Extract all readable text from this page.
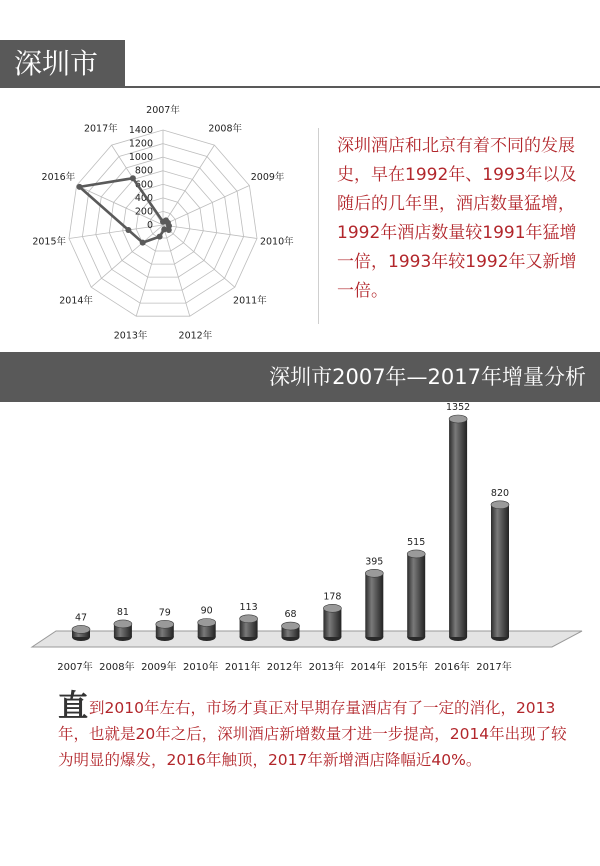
深圳市
0
200
400
600
800
1000
1200
1400
2007年
2008年
2009年
2010年
2011年
2012年
2013年
2014年
2015年
2016年
2017年
深圳酒店和北京有着不同的发展史，早在1992年、1993年以及随后的几年里，酒店数量猛增，1992年酒店数量较1991年猛增一倍，1993年较1992年又新增一倍。
深圳市2007年—2017年增量分析
47
2007年
81
2008年
79
2009年
90
2010年
113
2011年
68
2012年
178
2013年
395
2014年
515
2015年
1352
2016年
820
2017年
直到2010年左右，市场才真正对早期存量酒店有了一定的消化，2013年，也就是20年之后，深圳酒店新增数量才进一步提高，2014年出现了较为明显的爆发，2016年触顶，2017年新增酒店降幅近40%。
